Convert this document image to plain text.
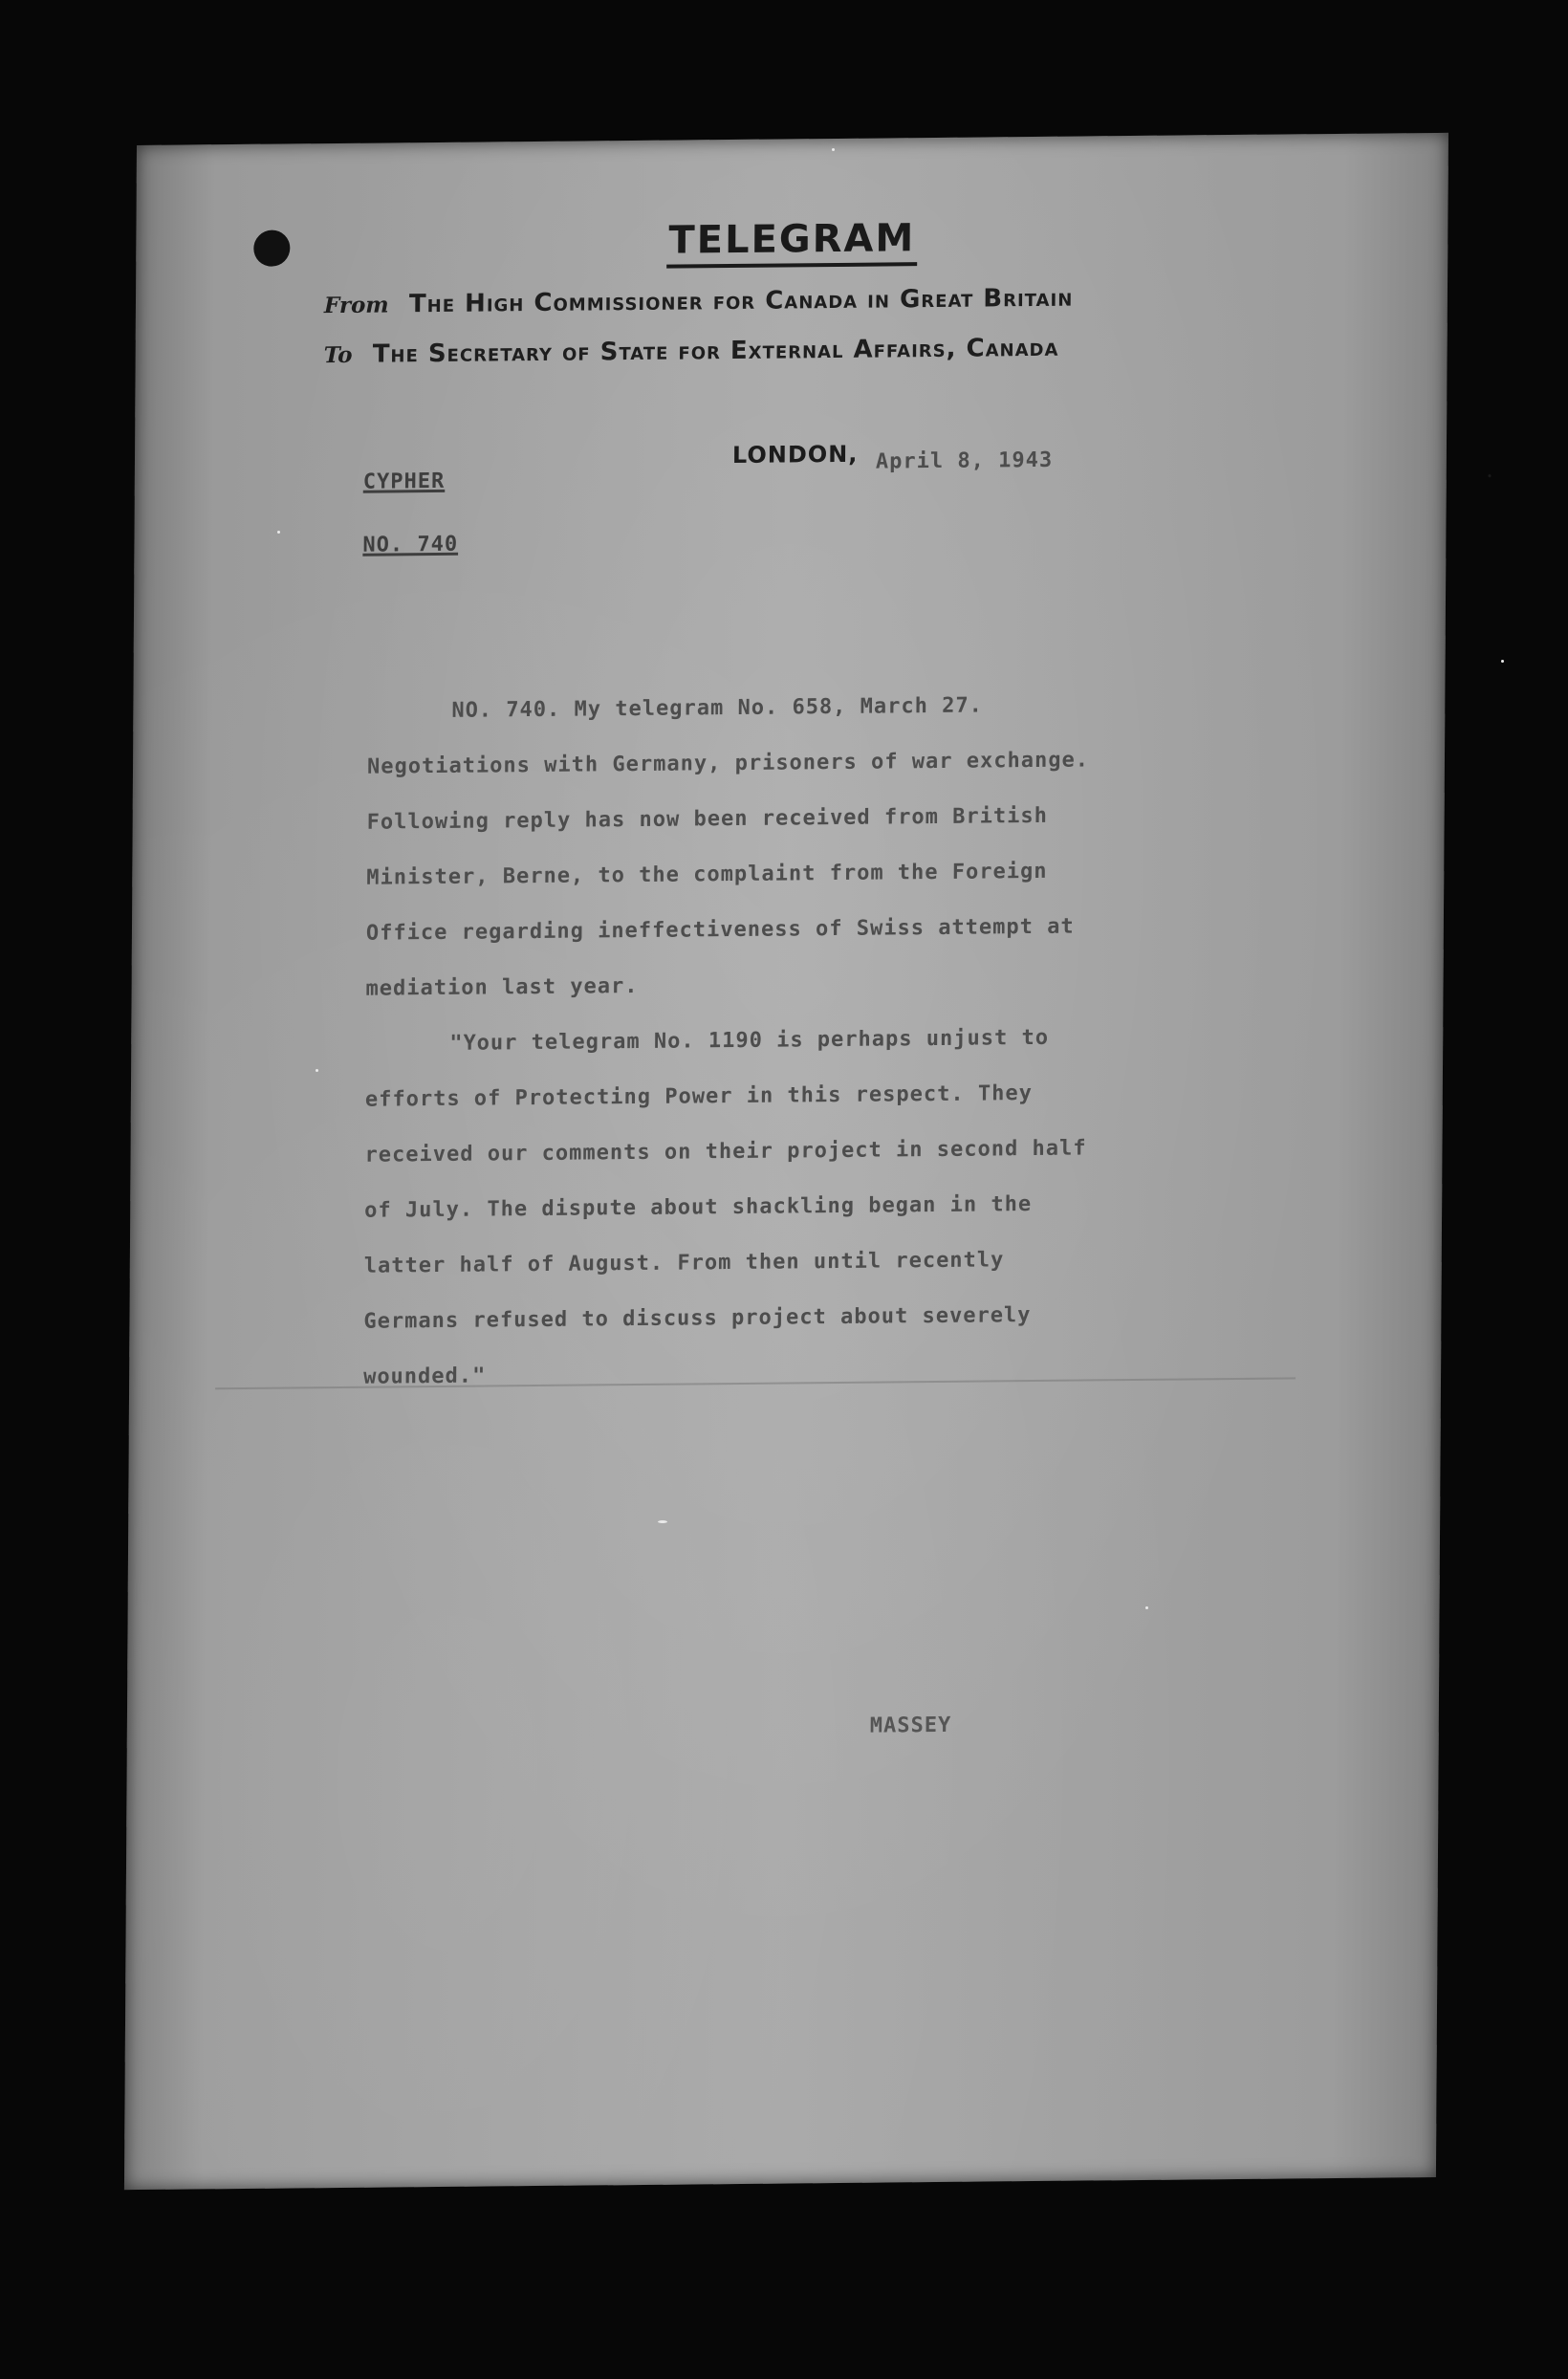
TELEGRAM
From The High Commissioner for Canada in Great Britain
To The Secretary of State for External Affairs, Canada
LONDON, April 8, 1943
CYPHER
NO. 740
NO. 740. My telegram No. 658, March 27.
Negotiations with Germany, prisoners of war exchange.
Following reply has now been received from British
Minister, Berne, to the complaint from the Foreign
Office regarding ineffectiveness of Swiss attempt at
mediation last year.
"Your telegram No. 1190 is perhaps unjust to
efforts of Protecting Power in this respect. They
received our comments on their project in second half
of July. The dispute about shackling began in the
latter half of August. From then until recently
Germans refused to discuss project about severely
wounded."
MASSEY
